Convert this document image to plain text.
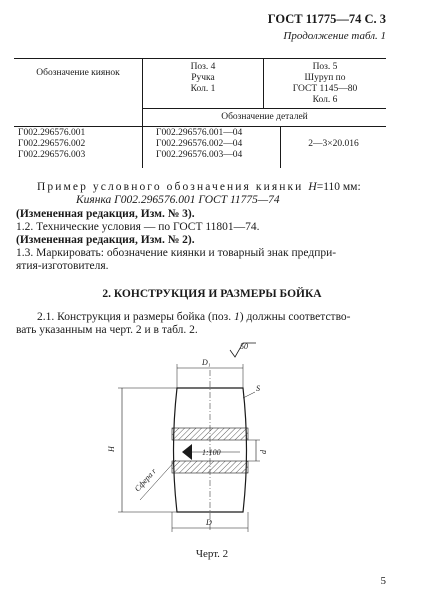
ГОСТ 11775—74 С. 3
Продолжение табл. 1
Обозначение киянок
Поз. 4
Ручка
Кол. 1
Поз. 5
Шуруп по
ГОСТ 1145—80
Кол. 6
Обозначение деталей
Г002.296576.001
Г002.296576.002
Г002.296576.003
Г002.296576.001—04
Г002.296576.002—04
Г002.296576.003—04
2—3×20.016
Пример условного обозначения киянки H=110 мм:
Киянка Г002.296576.001 ГОСТ 11775—74
(Измененная редакция, Изм. № 3).
1.2. Технические условия — по ГОСТ 11801—74.
(Измененная редакция, Изм. № 2).
1.3. Маркировать: обозначение киянки и товарный знак предпри-
ятия-изготовителя.
2. КОНСТРУКЦИЯ И РАЗМЕРЫ БОЙКА
2.1. Конструкция и размеры бойка (поз. 1) должны соответство-
вать указанным на черт. 2 и в табл. 2.
50
1:100
D₁
D
H
S
d
Сфера r
Черт. 2
5
